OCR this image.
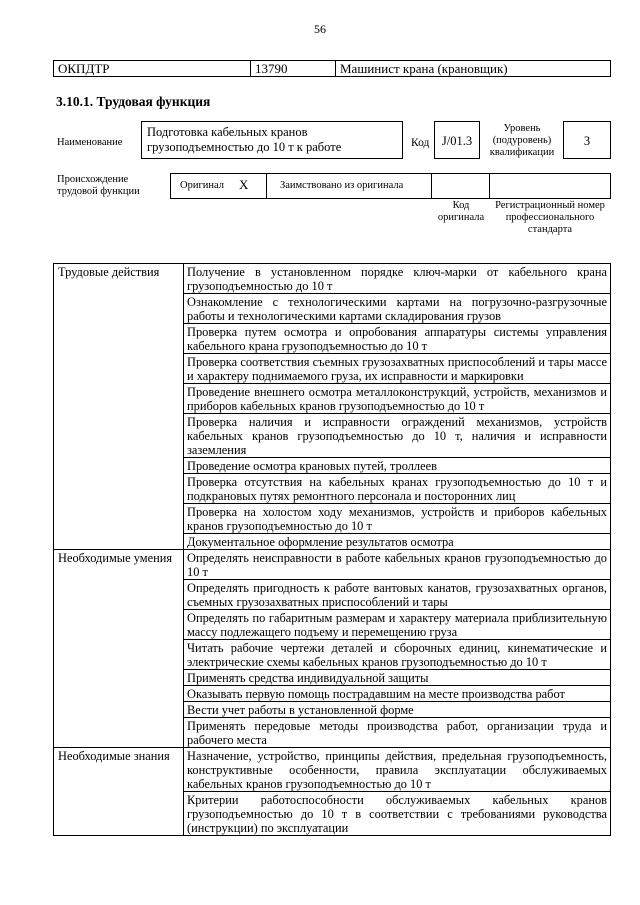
56
ОКПДТР	13790	Машинист крана (крановщик)
3.10.1. Трудовая функция
Наименование
Подготовка кабельных кранов грузоподъемностью до 10 т к работе	Код	J/01.3
Уровень (подуровень) квалификации
3
Происхождение трудовой функции
Оригинал X	Заимствовано из оригинала
Код оригинала
Регистрационный номер профессионального стандарта
Трудовые действия	Получение в установленном порядке ключ-марки от кабельного крана грузоподъемностью до 10 т
	Ознакомление с технологическими картами на погрузочно-разгрузочные работы и технологическими картами складирования грузов
	Проверка путем осмотра и опробования аппаратуры системы управления кабельного крана грузоподъемностью до 10 т
	Проверка соответствия съемных грузозахватных приспособлений и тары массе и характеру поднимаемого груза, их исправности и маркировки
	Проведение внешнего осмотра металлоконструкций, устройств, механизмов и приборов кабельных кранов грузоподъемностью до 10 т
	Проверка наличия и исправности ограждений механизмов, устройств кабельных кранов грузоподъемностью до 10 т, наличия и исправности заземления
	Проведение осмотра крановых путей, троллеев
	Проверка отсутствия на кабельных кранах грузоподъемностью до 10 т и подкрановых путях ремонтного персонала и посторонних лиц
	Проверка на холостом ходу механизмов, устройств и приборов кабельных кранов грузоподъемностью до 10 т
	Документальное оформление результатов осмотра
Необходимые умения	Определять неисправности в работе кабельных кранов грузоподъемностью до 10 т
	Определять пригодность к работе вантовых канатов, грузозахватных органов, съемных грузозахватных приспособлений и тары
	Определять по габаритным размерам и характеру материала приблизительную массу подлежащего подъему и перемещению груза
	Читать рабочие чертежи деталей и сборочных единиц, кинематические и электрические схемы кабельных кранов грузоподъемностью до 10 т
	Применять средства индивидуальной защиты
	Оказывать первую помощь пострадавшим на месте производства работ
	Вести учет работы в установленной форме
	Применять передовые методы производства работ, организации труда и рабочего места
Необходимые знания	Назначение, устройство, принципы действия, предельная грузоподъемность, конструктивные особенности, правила эксплуатации обслуживаемых кабельных кранов грузоподъемностью до 10 т
	Критерии работоспособности обслуживаемых кабельных кранов грузоподъемностью до 10 т в соответствии с требованиями руководства (инструкции) по эксплуатации
